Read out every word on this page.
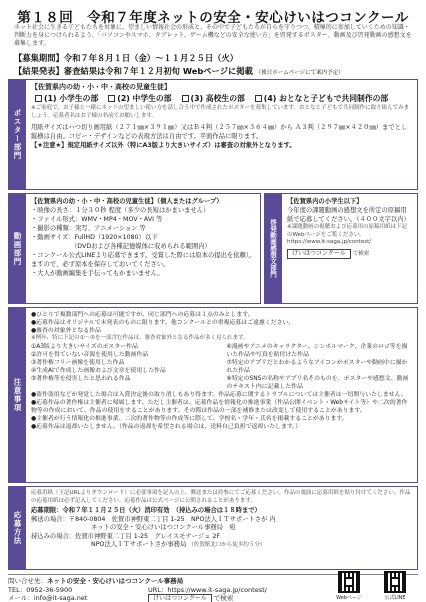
第１８回　令和７年度ネットの安全・安心けいはつコンクール
ネット社会に生きる子どもたちを対象に、望ましい情報社会の形成と、その中で子どもたちが自らを守りつつ、積極的に参加していくための知識・判断力を身につけられるよう、「パソコンやスマホ、タブレット、ゲーム機などの安全な使い方」を啓発するポスター、動画及び啓発動画の感想文を募集します。
【募集期間】令和７年８月１日（金）～１１月２５日（火）
【結果発表】審査結果は令和７年１２月初旬 Webページに掲載 （後日ホームページにて案内予定）
ポスター部門
【佐賀県内の幼・小・中・高校の児童生徒】
(1) 小学生の部 (2) 中学生の部 (3) 高校生の部 (4) おとなと子どもで共同制作の部
※ご家庭で、お子様と一緒にネットの望ましい使い方を話し合う中で作成されたポスターを募集しています。おとなと子どもで共同制作に取り組んでみましょう。応募者名はお子様の名前でお願いします。
用紙サイズはハつ切り画用紙（２７１㎜×３９１㎜）又はＢ４判（２５７㎜×３６４㎜）から Ａ３判（２９７㎜×４２０㎜）までとし縦横は自由。コピー・デザインなどの表現方法は自由です。平面作品に限ります。
【★注意★】規定用紙サイズ以外（特にA3版より大きいサイズ）は審査の対象外となります。
動画部門
【佐賀県内の幼・小・中・高校の児童生徒】（個人またはグループ）
・映像の長さ：１分３０秒 程度（多少の長短はかまいません）
・ファイル形式：WMV・MP4・MOV・AVI 等
・撮影の種類：実写、アニメーション 等
・動画サイズ：FullHD（1920×1080）以下
（DVDおよび各種記憶媒体に収められる範囲内）
・コンクール公式LINEより応募できます。受賞した際には原本の提出を依頼しますので、必ず原本を保存しておいてください。
・大人が動画編集を手伝ってもかまいません。	啓発動画感想文部門
【佐賀県内の小学生以下】
今年度の課題動画の感想文を所定の原稿用紙で応募してください。（４００文字以内）
※課題動画の視聴および応募用の原稿用紙は下記のWebページをご覧ください。
https://www.it-saga.jp/contest/
けいはつコンクール で検索
注意事項
●ひとりで複数部門への応募は可能ですが、同じ部門への応募は１点のみとします。
●応募作品はオリジナルで未発表のものに限ります。他コンクールとの重複応募はご遠慮ください。
●審査の対象外となる作品
※例年、特に下記の①～⑤を一部含む作品は、審査対象外となる作品が多く見られます。
①A3版より大きいサイズのポスター作品
②許可を得ていない音源を使用した動画作品
③著作権フリー画像を使用した作品
④生成AIで作成した画像および文章を使用した作品
⑤著作権等を侵害したと思われる作品
⑥漫画やアニメのキャラクター、シンボルマーク、企業のロゴ等を描いた作品や写真を貼付けた作品
⑦特定のアプリだとわかるようなアイコンがポスターや動画中に描かれた作品
⑧特定のSNSの名称やアプリ名そのものを、ポスターや感想文、動画のテキスト内に記載した作品
●盗作盗用などが発覚した場合は入賞決定後の取り消しもあり得ます。作品応募に関するトラブルについては主催者は一切関与いたしません。
●応募作品の著作権は主催者に帰属します。ただし主催者は、応募作品を情報化の推進事業（作品公開イベント・Webサイト等）や二次的著作物等の作成において、作品の使用をすることがあります。その際は作品の一部を補修または改変して使用することがあります。
●主催者が行う情報化の推進事業、二次的著作物等の作成等に際して、学校名・学年・氏名を掲載することがあります。
●応募作品は返却いたしません。（作品の返却を希望される場合は、送料自己負担で返却いたします。）
応募方法
応募用紙（下記URLよりダウンロード）に必要事項を記入の上、郵送または持参にてご応募ください。作品の裏面に応募用紙を貼り付けてください。作品の応募用紙は必ず記入してください。応募作品は公式ページに公開されることがあります。
応募期限：令和７年１１月２５日（火）消印有効　（持込みの場合は１８時まで）
郵送の場合：〒840-0804　佐賀市神野東二丁目 1-25　NPO法人ＩＴサポートさが 内
ネットの安全・安心けいはつコンクール事務局　宛
持込みの場合：佐賀市神野東二丁目 1-25　グレイスモナージュ 2F
NPO法人ＩＴサポートさが事務局 （佐賀駅北口から徒歩約５分）
問い合せ先：ネットの安全・安心けいはつコンクール事務局
TEL：0952-36-5900
メール：info@it-saga.net
URL：https://www.it-saga.jp/contest/
けいはつコンクール で検索	Webページ	公式LINE
